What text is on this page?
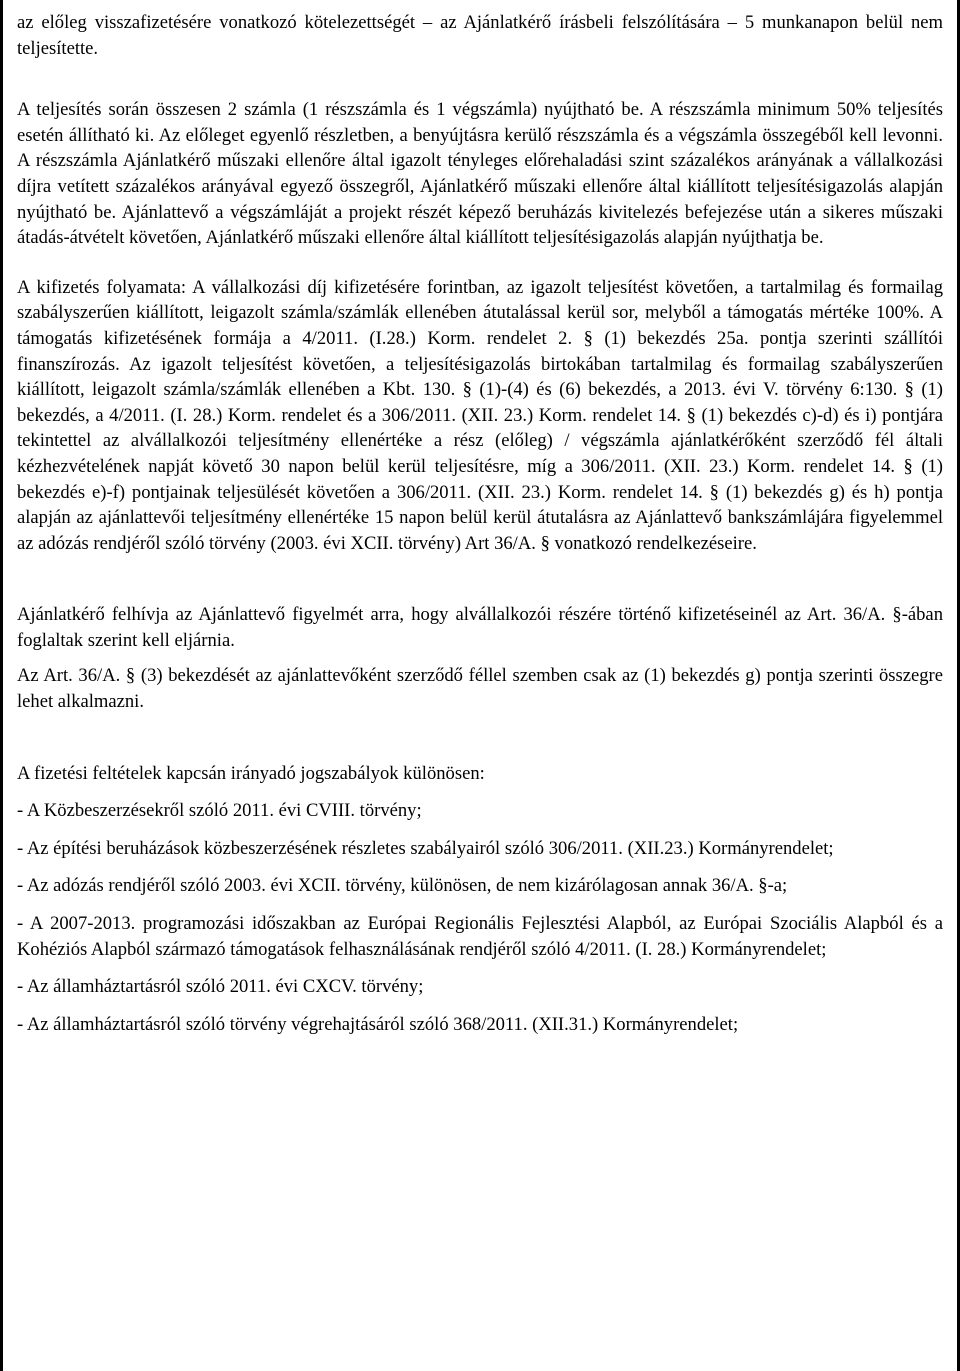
az előleg visszafizetésére vonatkozó kötelezettségét – az Ajánlatkérő írásbeli felszólítására – 5 munkanapon belül nem teljesítette.

A teljesítés során összesen 2 számla (1 részszámla és 1 végszámla) nyújtható be. A részszámla minimum 50% teljesítés esetén állítható ki. Az előleget egyenlő részletben, a benyújtásra kerülő részszámla és a végszámla összegéből kell levonni. A részszámla Ajánlatkérő műszaki ellenőre által igazolt tényleges előrehaladási szint százalékos arányának a vállalkozási díjra vetített százalékos arányával egyező összegről, Ajánlatkérő műszaki ellenőre által kiállított teljesítésigazolás alapján nyújtható be. Ajánlattevő a végszámláját a projekt részét képező beruházás kivitelezés befejezése után a sikeres műszaki átadás-átvételt követően, Ajánlatkérő műszaki ellenőre által kiállított teljesítésigazolás alapján nyújthatja be.

A kifizetés folyamata: A vállalkozási díj kifizetésére forintban, az igazolt teljesítést követően, a tartalmilag és formailag szabályszerűen kiállított, leigazolt számla/számlák ellenében átutalással kerül sor, melyből a támogatás mértéke 100%. A támogatás kifizetésének formája a 4/2011. (I.28.) Korm. rendelet 2. § (1) bekezdés 25a. pontja szerinti szállítói finanszírozás. Az igazolt teljesítést követően, a teljesítésigazolás birtokában tartalmilag és formailag szabályszerűen kiállított, leigazolt számla/számlák ellenében a Kbt. 130. § (1)-(4) és (6) bekezdés, a 2013. évi V. törvény 6:130. § (1) bekezdés, a 4/2011. (I. 28.) Korm. rendelet és a 306/2011. (XII. 23.) Korm. rendelet 14. § (1) bekezdés c)-d) és i) pontjára tekintettel az alvállalkozói teljesítmény ellenértéke a rész (előleg) / végszámla ajánlatkérőként szerződő fél általi kézhezvételének napját követő 30 napon belül kerül teljesítésre, míg a 306/2011. (XII. 23.) Korm. rendelet 14. § (1) bekezdés e)-f) pontjainak teljesülését követően a 306/2011. (XII. 23.) Korm. rendelet 14. § (1) bekezdés g) és h) pontja alapján az ajánlattevői teljesítmény ellenértéke 15 napon belül kerül átutalásra az Ajánlattevő bankszámlájára figyelemmel az adózás rendjéről szóló törvény (2003. évi XCII. törvény) Art 36/A. § vonatkozó rendelkezéseire.

Ajánlatkérő felhívja az Ajánlattevő figyelmét arra, hogy alvállalkozói részére történő kifizetéseinél az Art. 36/A. §-ában foglaltak szerint kell eljárnia.

Az Art. 36/A. § (3) bekezdését az ajánlattevőként szerződő féllel szemben csak az (1) bekezdés g) pontja szerinti összegre lehet alkalmazni.

A fizetési feltételek kapcsán irányadó jogszabályok különösen:

- A Közbeszerzésekről szóló 2011. évi CVIII. törvény;

- Az építési beruházások közbeszerzésének részletes szabályairól szóló 306/2011. (XII.23.) Kormányrendelet;

- Az adózás rendjéről szóló 2003. évi XCII. törvény, különösen, de nem kizárólagosan annak 36/A. §-a;

- A 2007-2013. programozási időszakban az Európai Regionális Fejlesztési Alapból, az Európai Szociális Alapból és a Kohéziós Alapból származó támogatások felhasználásának rendjéről szóló 4/2011. (I. 28.) Kormányrendelet;

- Az államháztartásról szóló 2011. évi CXCV. törvény;

- Az államháztartásról szóló törvény végrehajtásáról szóló 368/2011. (XII.31.) Kormányrendelet;
